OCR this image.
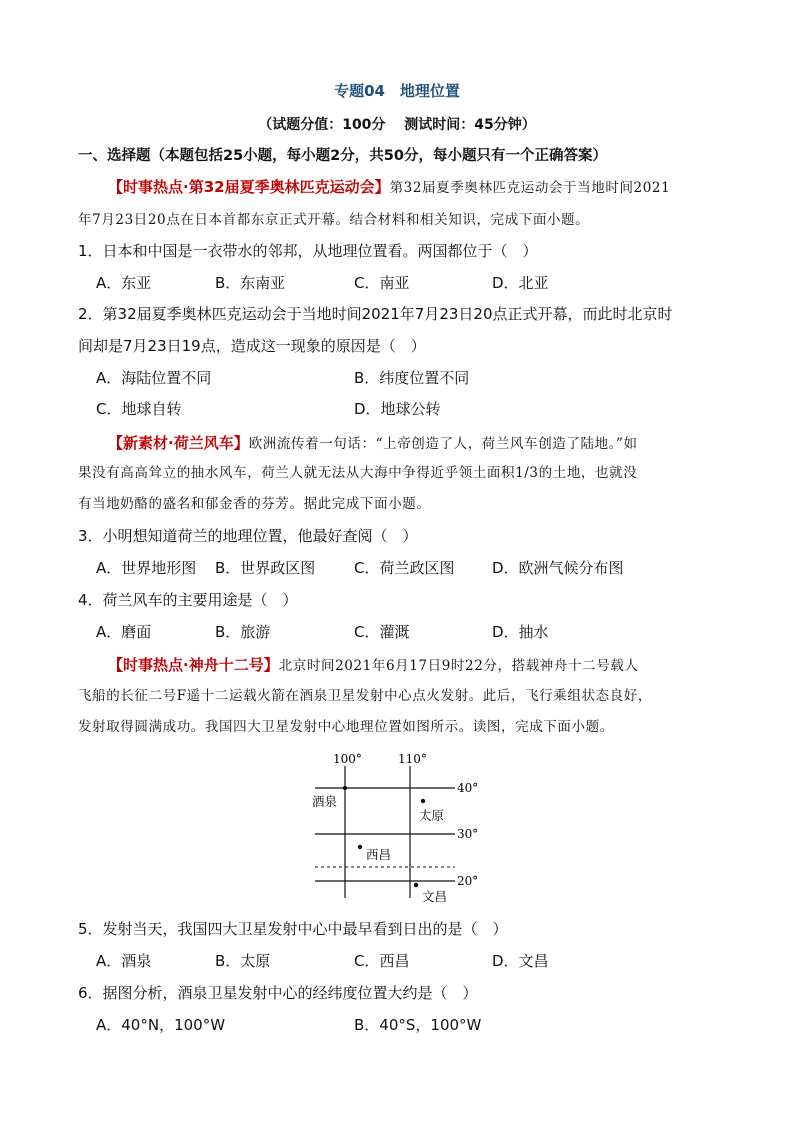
专题04　地理位置
（试题分值：100分　 测试时间：45分钟）
一、选择题（本题包括25小题，每小题2分，共50分，每小题只有一个正确答案）
【时事热点·第32届夏季奥林匹克运动会】第32届夏季奥林匹克运动会于当地时间2021
年7月23日20点在日本首都东京正式开幕。结合材料和相关知识，完成下面小题。
1．日本和中国是一衣带水的邻邦，从地理位置看。两国都位于（　）
A．东亚	B．东南亚	C．南亚	D．北亚
2．第32届夏季奥林匹克运动会于当地时间2021年7月23日20点正式开幕，而此时北京时
间却是7月23日19点，造成这一现象的原因是（　）
A．海陆位置不同	B．纬度位置不同
C．地球自转	D．地球公转
【新素材·荷兰风车】欧洲流传着一句话：“上帝创造了人，荷兰风车创造了陆地。”如
果没有高高耸立的抽水风车，荷兰人就无法从大海中争得近乎领土面积1/3的土地，也就没
有当地奶酪的盛名和郁金香的芬芳。据此完成下面小题。
3．小明想知道荷兰的地理位置，他最好查阅（　）
A．世界地形图 B．世界政区图	C．荷兰政区图	D．欧洲气候分布图
4．荷兰风车的主要用途是（　）
A．磨面	B．旅游	C．灌溉	D．抽水
【时事热点·神舟十二号】北京时间2021年6月17日9时22分，搭载神舟十二号载人
飞船的长征二号F遥十二运载火箭在酒泉卫星发射中心点火发射。此后，飞行乘组状态良好，
发射取得圆满成功。我国四大卫星发射中心地理位置如图所示。读图，完成下面小题。
100°	110°
40°
30°
20°
酒泉
太原
西昌
文昌
5．发射当天，我国四大卫星发射中心中最早看到日出的是（　）
A．酒泉	B．太原	C．西昌	D．文昌
6．据图分析，酒泉卫星发射中心的经纬度位置大约是（　）
A．40°N，100°W	B．40°S，100°W
